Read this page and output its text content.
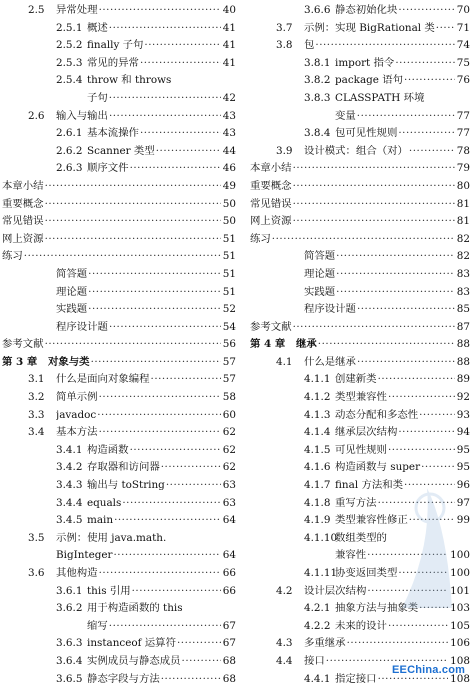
2.5 异常处理 ·····	40
2.5.1 概述 ·····	41
2.5.2 finally 子句 ·····	41
2.5.3 常见的异常 ·····	41
2.5.4 throw 和 throws
子句 ·····	42
2.6 输入与输出 ·····	43
2.6.1 基本流操作 ·····	43
2.6.2 Scanner 类型 ·····	44
2.6.3 顺序文件 ·····	46
本章小结 ·····	49
重要概念 ·····	50
常见错误 ·····	50
网上资源 ·····	51
练习 ·····	51
简答题 ·····	51
理论题 ·····	51
实践题 ·····	52
程序设计题 ·····	54
参考文献 ·····	56
第 3 章 对象与类 ·····	57
3.1 什么是面向对象编程 ·····	57
3.2 简单示例 ·····	58
3.3 javadoc ·····	60
3.4 基本方法 ·····	62
3.4.1 构造函数 ·····	62
3.4.2 存取器和访问器 ·····	62
3.4.3 输出与 toString ·····	63
3.4.4 equals ·····	63
3.4.5 main ·····	64
3.5 示例：使用 java.math.
BigInteger ·····	64
3.6 其他构造 ·····	66
3.6.1 this 引用 ·····	66
3.6.2 用于构造函数的 this
缩写 ·····	67
3.6.3 instanceof 运算符 ·····	67
3.6.4 实例成员与静态成员 ·····	68
3.6.5 静态字段与方法 ·····	68
3.6.6 静态初始化块 ·····	70
3.7 示例：实现 BigRational 类 ····· 71
3.8 包 ·····	74
3.8.1 import 指令 ·····	75
3.8.2 package 语句 ·····	76
3.8.3 CLASSPATH 环境
变量 ·····	77
3.8.4 包可见性规则 ·····	77
3.9 设计模式：组合（对） ·····	78
本章小结 ·····	79
重要概念 ·····	80
常见错误 ·····	81
网上资源 ·····	81
练习 ·····	82
简答题 ·····	82
理论题 ·····	83
实践题 ·····	83
程序设计题 ·····	85
参考文献 ·····	87
第 4 章 继承 ·····	88
4.1 什么是继承 ·····	88
4.1.1 创建新类 ·····	89
4.1.2 类型兼容性 ·····	92
4.1.3 动态分配和多态性 ·····	93
4.1.4 继承层次结构 ·····	94
4.1.5 可见性规则 ·····	95
4.1.6 构造函数与 super ·····	95
4.1.7 final 方法和类 ·····	96
4.1.8 重写方法 ·····	97
4.1.9 类型兼容性修正 ·····	99
4.1.10
数组类型的
兼容性 ·····	100
4.1.11
协变返回类型 ·····	100
4.2 设计层次结构 ·····	101
4.2.1 抽象方法与抽象类 ·····	103
4.2.2 未来的设计 ·····	105
4.3 多重继承 ·····	106
4.4 接口 ·····	108
4.4.1 指定接口 ·····	108
EEChina.com
